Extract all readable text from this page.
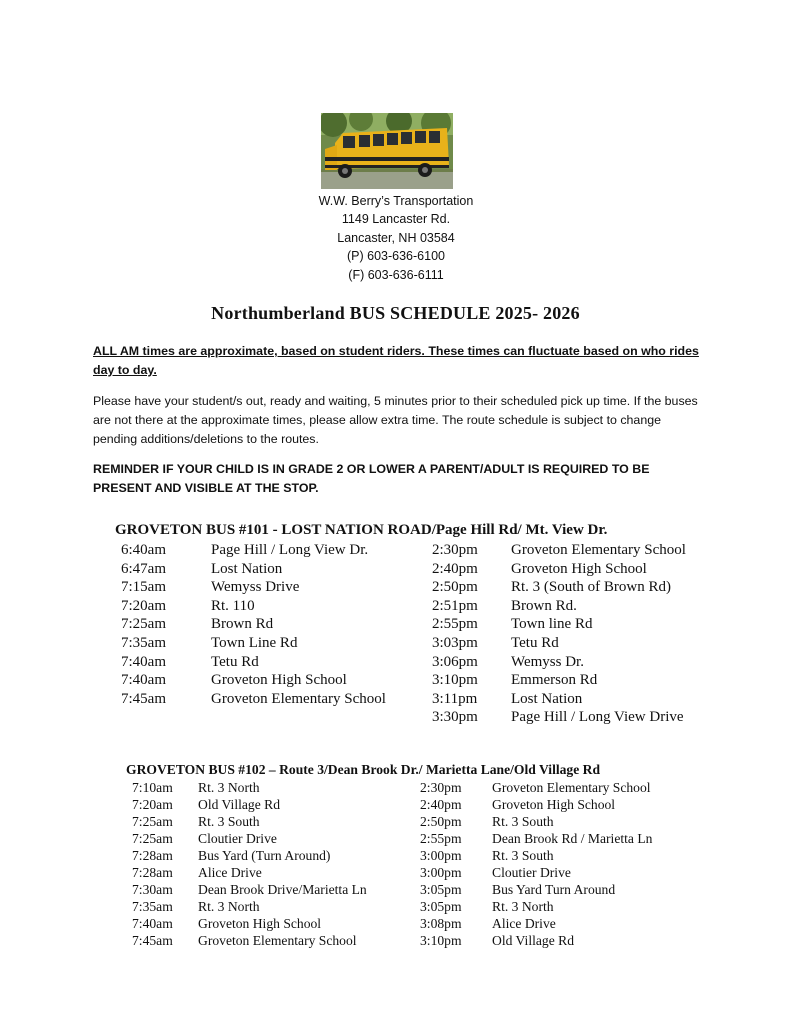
W.W. Berry’s Transportation
1149 Lancaster Rd.
Lancaster, NH 03584
(P) 603-636-6100
(F) 603-636-6111
Northumberland BUS SCHEDULE 2025- 2026
ALL AM times are approximate, based on student riders. These times can fluctuate based on who rides day to day.
Please have your student/s out, ready and waiting, 5 minutes prior to their scheduled pick up time. If the buses are not there at the approximate times, please allow extra time. The route schedule is subject to change pending additions/deletions to the routes.
REMINDER IF YOUR CHILD IS IN GRADE 2 OR LOWER A PARENT/ADULT IS REQUIRED TO BE PRESENT AND VISIBLE AT THE STOP.
GROVETON BUS #101 - LOST NATION ROAD/Page Hill Rd/ Mt. View Dr.
6:40am	Page Hill / Long View Dr.	2:30pm Groveton Elementary School
6:47am	Lost Nation	2:40pm Groveton High School
7:15am	Wemyss Drive	2:50pm Rt. 3 (South of Brown Rd)
7:20am	Rt. 110	2:51pm Brown Rd.
7:25am	Brown Rd	2:55pm Town line Rd
7:35am	Town Line Rd	3:03pm Tetu Rd
7:40am	Tetu Rd	3:06pm Wemyss Dr.
7:40am	Groveton High School	3:10pm Emmerson Rd
7:45am	Groveton Elementary School	3:11pm Lost Nation
3:30pm Page Hill / Long View Drive
GROVETON BUS #102 – Route 3/Dean Brook Dr./ Marietta Lane/Old Village Rd
7:10am Rt. 3 North	2:30pm Groveton Elementary School
7:20am Old Village Rd	2:40pm Groveton High School
7:25am Rt. 3 South	2:50pm Rt. 3 South
7:25am Cloutier Drive	2:55pm Dean Brook Rd / Marietta Ln
7:28am Bus Yard (Turn Around)	3:00pm Rt. 3 South
7:28am Alice Drive	3:00pm Cloutier Drive
7:30am Dean Brook Drive/Marietta Ln	3:05pm Bus Yard Turn Around
7:35am Rt. 3 North	3:05pm Rt. 3 North
7:40am Groveton High School	3:08pm Alice Drive
7:45am Groveton Elementary School	3:10pm Old Village Rd
